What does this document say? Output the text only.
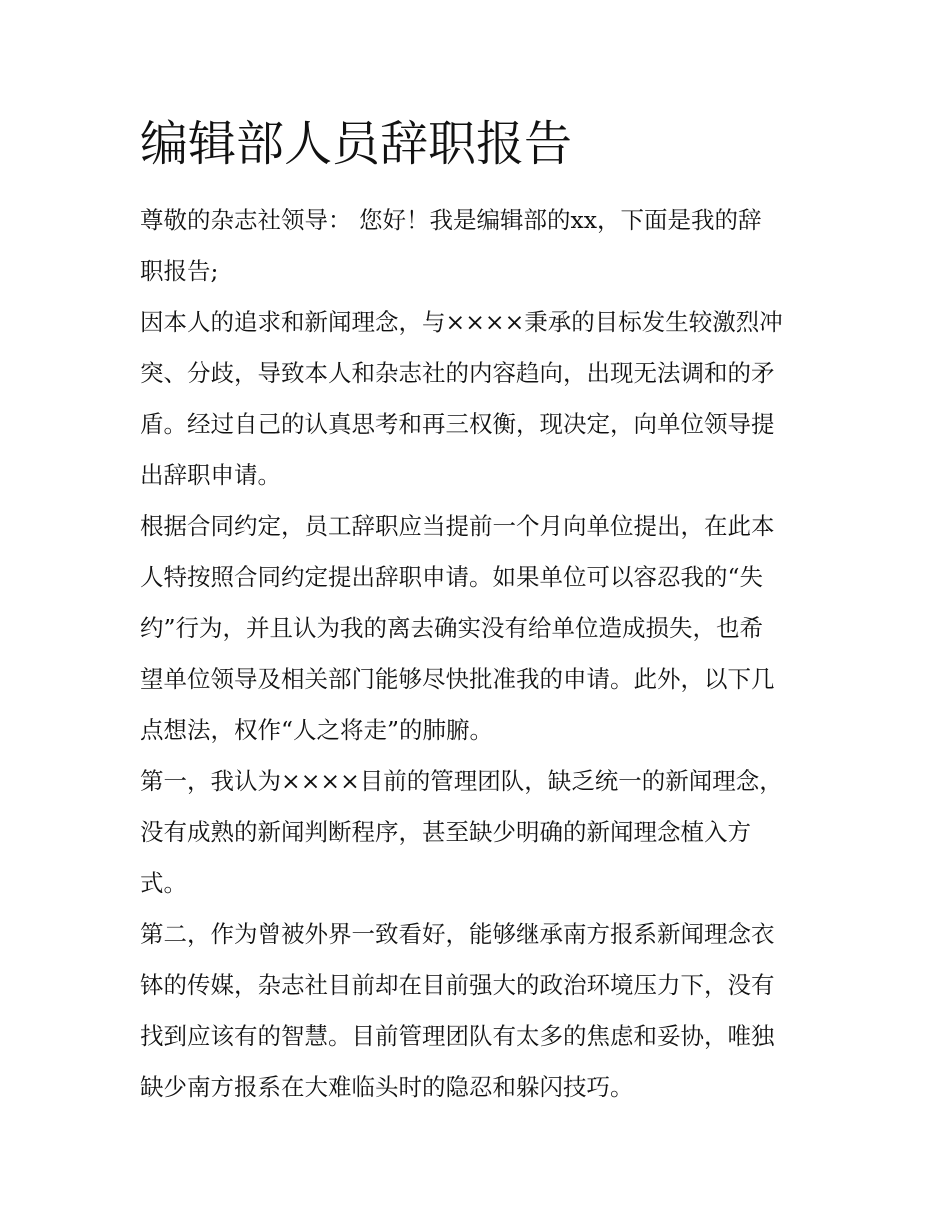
编辑部人员辞职报告

尊敬的杂志社领导： 您好！我是编辑部的xx，下面是我的辞

职报告;

因本人的追求和新闻理念，与××××秉承的目标发生较激烈冲

突、分歧，导致本人和杂志社的内容趋向，出现无法调和的矛

盾。经过自己的认真思考和再三权衡，现决定，向单位领导提

出辞职申请。

根据合同约定，员工辞职应当提前一个月向单位提出，在此本

人特按照合同约定提出辞职申请。如果单位可以容忍我的“失

约”行为，并且认为我的离去确实没有给单位造成损失，也希

望单位领导及相关部门能够尽快批准我的申请。此外，以下几

点想法，权作“人之将走”的肺腑。

第一，我认为××××目前的管理团队，缺乏统一的新闻理念，

没有成熟的新闻判断程序，甚至缺少明确的新闻理念植入方

式。

第二，作为曾被外界一致看好，能够继承南方报系新闻理念衣

钵的传媒，杂志社目前却在目前强大的政治环境压力下，没有

找到应该有的智慧。目前管理团队有太多的焦虑和妥协，唯独

缺少南方报系在大难临头时的隐忍和躲闪技巧。
